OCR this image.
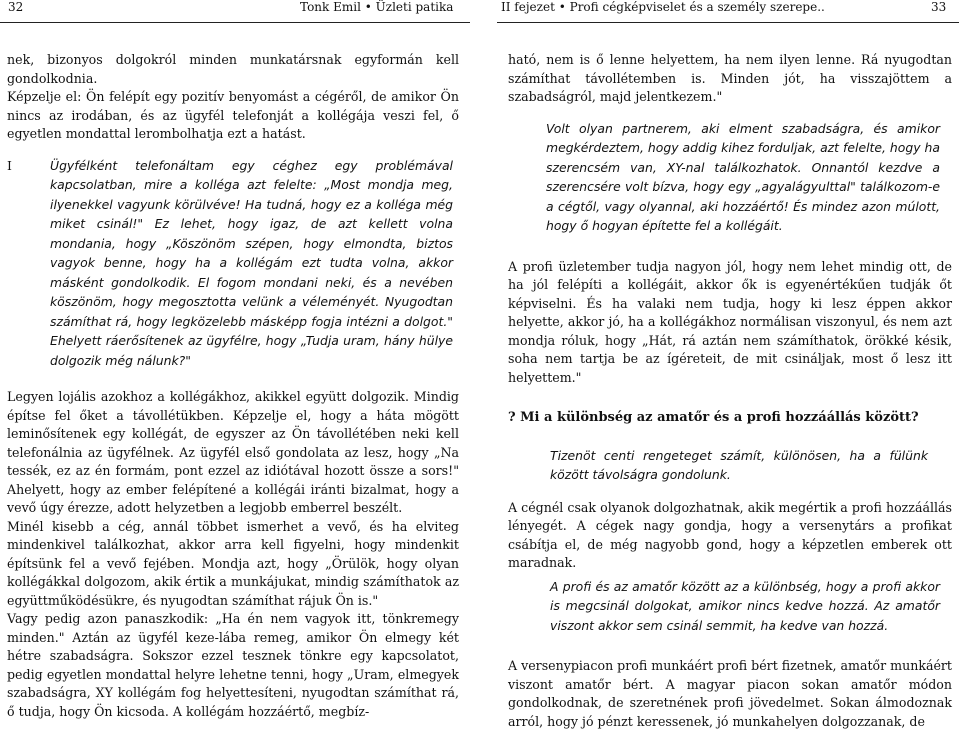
32	Tonk Emil • Üzleti patika	II fejezet • Profi cégképviselet és a személy szerepe..	33

nek, bizonyos dolgokról minden munkatársnak egyformán kell gondolkodnia.

Képzelje el: Ön felépít egy pozitív benyomást a cégéről, de amikor Ön nincs az irodában, és az ügyfél telefonját a kollégája veszi fel, ő egyetlen mondattal lerombolhatja ezt a hatást.

I	Ügyfélként telefonáltam egy céghez egy problémával kapcsolatban, mire a kolléga azt felelte: „Most mondja meg, ilyenekkel vagyunk körülvéve! Ha tudná, hogy ez a kolléga még miket csinál!" Ez lehet, hogy igaz, de azt kellett volna mondania, hogy „Köszönöm szépen, hogy elmondta, biztos vagyok benne, hogy ha a kollégám ezt tudta volna, akkor másként gondolkodik. El fogom mondani neki, és a nevében köszönöm, hogy megosztotta velünk a véleményét. Nyugodtan számíthat rá, hogy legközelebb másképp fogja intézni a dolgot." Ehelyett ráerősítenek az ügyfélre, hogy „Tudja uram, hány hülye dolgozik még nálunk?"

Legyen lojális azokhoz a kollégákhoz, akikkel együtt dolgozik. Mindig építse fel őket a távollétükben. Képzelje el, hogy a háta mögött leminősítenek egy kollégát, de egyszer az Ön távollétében neki kell telefonálnia az ügyfélnek. Az ügyfél első gondolata az lesz, hogy „Na tessék, ez az én formám, pont ezzel az idiótával hozott össze a sors!" Ahelyett, hogy az ember felépítené a kollégái iránti bizalmat, hogy a vevő úgy érezze, adott helyzetben a legjobb emberrel beszélt.

Minél kisebb a cég, annál többet ismerhet a vevő, és ha elviteg mindenkivel találkozhat, akkor arra kell figyelni, hogy mindenkit építsünk fel a vevő fejében. Mondja azt, hogy „Örülök, hogy olyan kollégákkal dolgozom, akik értik a munkájukat, mindig számíthatok az együttműködésükre, és nyugodtan számíthat rájuk Ön is."

Vagy pedig azon panaszkodik: „Ha én nem vagyok itt, tönkremegy minden." Aztán az ügyfél keze-lába remeg, amikor Ön elmegy két hétre szabadságra. Sokszor ezzel tesznek tönkre egy kapcsolatot, pedig egyetlen mondattal helyre lehetne tenni, hogy „Uram, elmegyek szabadságra, XY kollégám fog helyettesíteni, nyugodtan számíthat rá, ő tudja, hogy Ön kicsoda. A kollégám hozzáértő, megbíz-

ható, nem is ő lenne helyettem, ha nem ilyen lenne. Rá nyugodtan számíthat távollétemben is. Minden jót, ha visszajöttem a szabadságról, majd jelentkezem."

Volt olyan partnerem, aki elment szabadságra, és amikor megkérdeztem, hogy addig kihez forduljak, azt felelte, hogy ha szerencsém van, XY-nal találkozhatok. Onnantól kezdve a szerencsére volt bízva, hogy egy „agyalágyulttal" találkozom-e a cégtől, vagy olyannal, aki hozzáértő! És mindez azon múlott, hogy ő hogyan építette fel a kollégáit.

A profi üzletember tudja nagyon jól, hogy nem lehet mindig ott, de ha jól felépíti a kollégáit, akkor ők is egyenértékűen tudják őt képviselni. És ha valaki nem tudja, hogy ki lesz éppen akkor helyette, akkor jó, ha a kollégákhoz normálisan viszonyul, és nem azt mondja róluk, hogy „Hát, rá aztán nem számíthatok, örökké késik, soha nem tartja be az ígéreteit, de mit csináljak, most ő lesz itt helyettem."

? Mi a különbség az amatőr és a profi hozzáállás között?

Tizenöt centi rengeteget számít, különösen, ha a fülünk között távolságra gondolunk.

A cégnél csak olyanok dolgozhatnak, akik megértik a profi hozzáállás lényegét. A cégek nagy gondja, hogy a versenytárs a profikat csábítja el, de még nagyobb gond, hogy a képzetlen emberek ott maradnak.

A profi és az amatőr között az a különbség, hogy a profi akkor is megcsinál dolgokat, amikor nincs kedve hozzá. Az amatőr viszont akkor sem csinál semmit, ha kedve van hozzá.

A versenypiacon profi munkáért profi bért fizetnek, amatőr munkáért viszont amatőr bért. A magyar piacon sokan amatőr módon gondolkodnak, de szeretnének profi jövedelmet. Sokan álmodoznak arról, hogy jó pénzt keressenek, jó munkahelyen dolgozzanak, de
